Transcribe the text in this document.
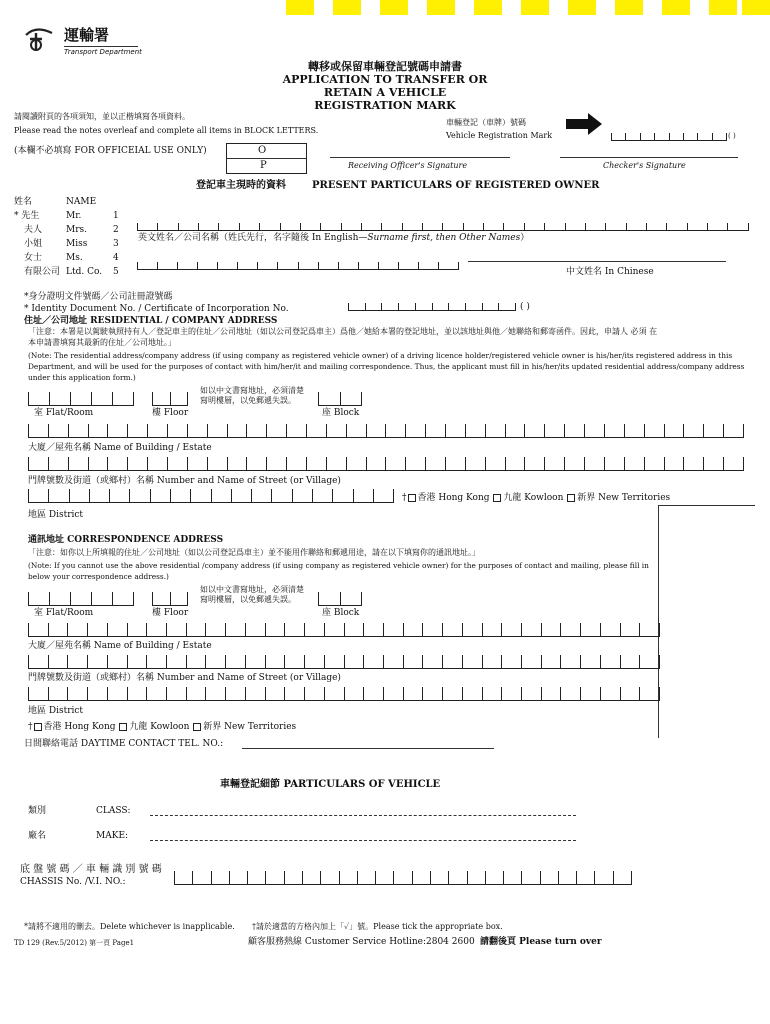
運輸署
Transport Department
轉移或保留車輛登記號碼申請書
APPLICATION TO TRANSFER OR
RETAIN A VEHICLE
REGISTRATION MARK
請閱讀附頁的各項須知，並以正楷填寫各項資料。
Please read the notes overleaf and complete all items in BLOCK LETTERS.
車輛登記（車牌）號碼
Vehicle Registration Mark	( )
(本欄不必填寫 FOR OFFICEIAL USE ONLY)	O
P	Receiving Officer's Signature	Checker's Signature
登記車主現時的資料	PRESENT PARTICULARS OF REGISTERED OWNER
姓名	NAME
* 先生	Mr.	1
夫人	Mrs.	2
小姐	Miss	3
女士	Ms.	4
有限公司 Ltd. Co. 5
英文姓名／公司名稱（姓氏先行，名字隨後 In English—Surname first, then Other Names）
中文姓名 In Chinese
*身分證明文件號碼／公司註冊證號碼
* Identity Document No. / Certificate of Incorporation No.	( )
住址／公司地址 RESIDENTIAL / COMPANY ADDRESS
「注意：本署是以駕駛執照持有人／登記車主的住址／公司地址（如以公司登記爲車主）爲他／她給本署的登記地址，並以該地址與他／她聯絡和郵寄函件。因此，申請人 必須 在
本申請書填寫其最新的住址／公司地址。」
(Note: The residential address/company address (if using company as registered vehicle owner) of a driving licence holder/registered vehicle owner is his/her/its registered address in this Department, and will be used for the purposes of contact with him/her/it and mailing correspondence. Thus, the applicant must fill in his/her/its updated residential address/company address under this application form.)
室 Flat/Room	樓 Floor
如以中文書寫地址，必須清楚寫明樓層，以免郵遞失誤。
座 Block
大廈／屋苑名稱 Name of Building / Estate
門牌號數及街道（或鄉村）名稱 Number and Name of Street (or Village)
† 香港 Hong Kong 九龍 Kowloon 新界 New Territories
地區 District
通訊地址 CORRESPONDENCE ADDRESS
「注意：如你以上所填報的住址／公司地址（如以公司登記爲車主）並不能用作聯絡和郵遞用途，請在以下填寫你的通訊地址。」
(Note: If you cannot use the above residential /company address (if using company as registered vehicle owner) for the purposes of contact and mailing, please fill in below your correspondence address.)
室 Flat/Room	樓 Floor
如以中文書寫地址，必須清楚寫明樓層，以免郵遞失誤。
座 Block
大廈／屋苑名稱 Name of Building / Estate
門牌號數及街道（或鄉村）名稱 Number and Name of Street (or Village)
地區 District
† 香港 Hong Kong 九龍 Kowloon 新界 New Territories
日間聯絡電話 DAYTIME CONTACT TEL. NO.:
車輛登記細節 PARTICULARS OF VEHICLE
類別	CLASS:
廠名	MAKE:
底 盤 號 碼 ／ 車 輛 識 別 號 碼
CHASSIS No. /V.I. NO.:
*請將不適用的刪去。Delete whichever is inapplicable. †請於適當的方格內加上「✓」號。Please tick the appropriate box.
TD 129 (Rev.5/2012) 第一頁 Page1	顧客服務熱線 Customer Service Hotline:2804 2600 請翻後頁 Please turn over
